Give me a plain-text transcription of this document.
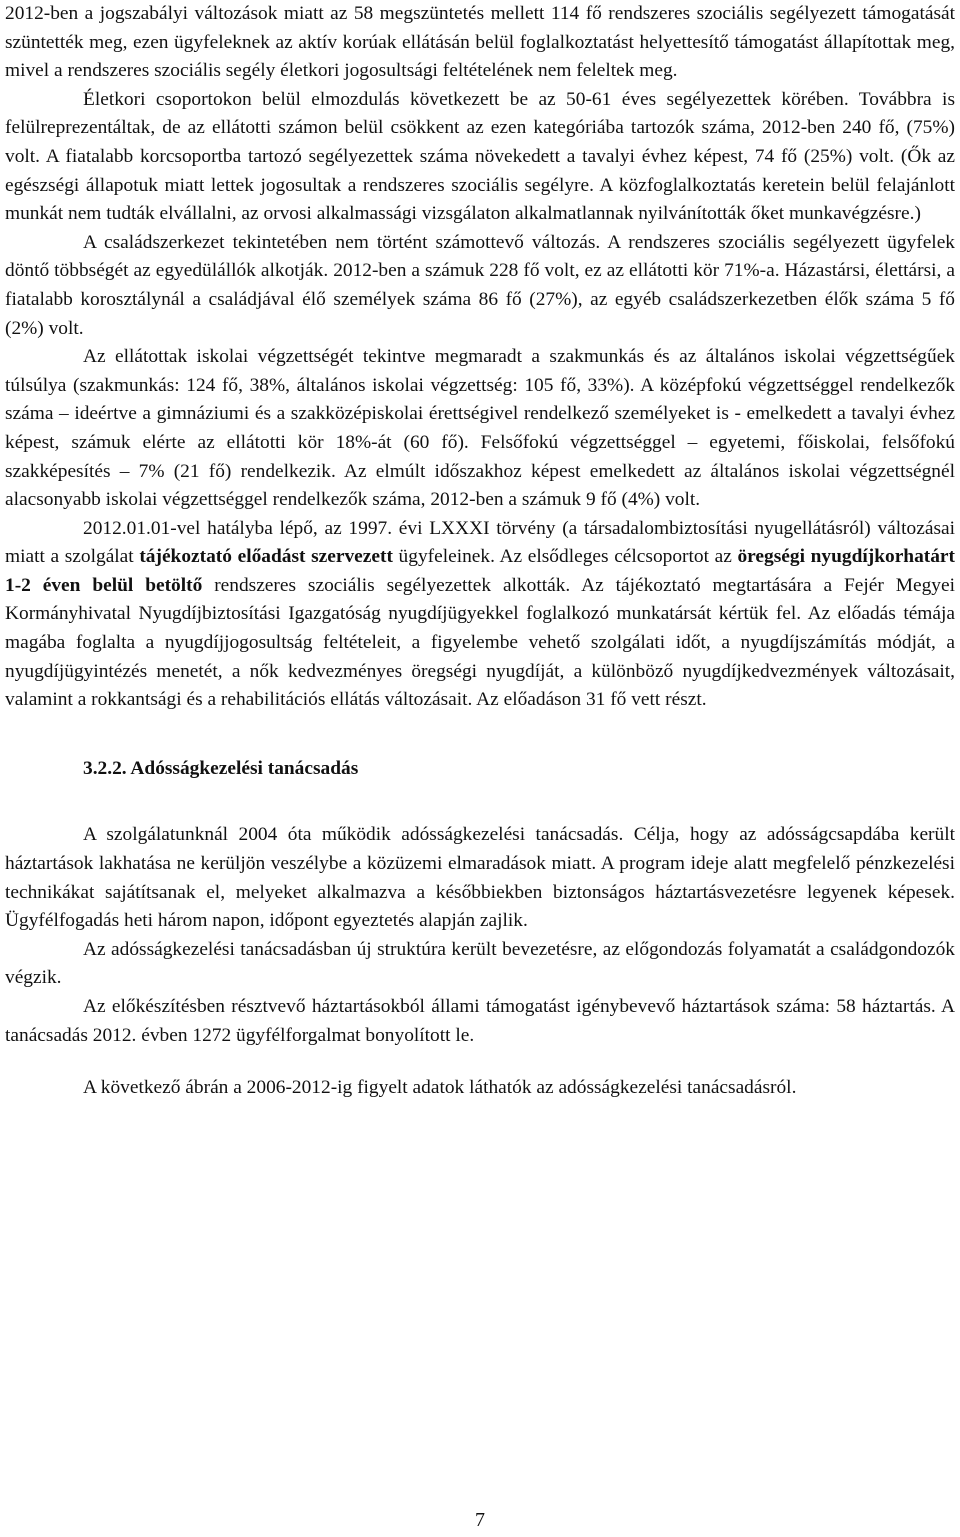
2012-ben a jogszabályi változások miatt az 58 megszüntetés mellett 114 fő rendszeres szociális segélyezett támogatását szüntették meg, ezen ügyfeleknek az aktív korúak ellátásán belül foglalkoztatást helyettesítő támogatást állapítottak meg, mivel a rendszeres szociális segély életkori jogosultsági feltételének nem feleltek meg.

Életkori csoportokon belül elmozdulás következett be az 50-61 éves segélyezettek körében. Továbbra is felülreprezentáltak, de az ellátotti számon belül csökkent az ezen kategóriába tartozók száma, 2012-ben 240 fő, (75%) volt. A fiatalabb korcsoportba tartozó segélyezettek száma növekedett a tavalyi évhez képest, 74 fő (25%) volt. (Ők az egészségi állapotuk miatt lettek jogosultak a rendszeres szociális segélyre. A közfoglalkoztatás keretein belül felajánlott munkát nem tudták elvállalni, az orvosi alkalmassági vizsgálaton alkalmatlannak nyilvánították őket munkavégzésre.)

A családszerkezet tekintetében nem történt számottevő változás. A rendszeres szociális segélyezett ügyfelek döntő többségét az egyedülállók alkotják. 2012-ben a számuk 228 fő volt, ez az ellátotti kör 71%-a. Házastársi, élettársi, a fiatalabb korosztálynál a családjával élő személyek száma 86 fő (27%), az egyéb családszerkezetben élők száma 5 fő (2%) volt.

Az ellátottak iskolai végzettségét tekintve megmaradt a szakmunkás és az általános iskolai végzettségűek túlsúlya (szakmunkás: 124 fő, 38%, általános iskolai végzettség: 105 fő, 33%). A középfokú végzettséggel rendelkezők száma – ideértve a gimnáziumi és a szakközépiskolai érettségivel rendelkező személyeket is - emelkedett a tavalyi évhez képest, számuk elérte az ellátotti kör 18%-át (60 fő). Felsőfokú végzettséggel – egyetemi, főiskolai, felsőfokú szakképesítés – 7% (21 fő) rendelkezik. Az elmúlt időszakhoz képest emelkedett az általános iskolai végzettségnél alacsonyabb iskolai végzettséggel rendelkezők száma, 2012-ben a számuk 9 fő (4%) volt.

2012.01.01-vel hatályba lépő, az 1997. évi LXXXI törvény (a társadalombiztosítási nyugellátásról) változásai miatt a szolgálat tájékoztató előadást szervezett ügyfeleinek. Az elsődleges célcsoportot az öregségi nyugdíjkorhatárt 1-2 éven belül betöltő rendszeres szociális segélyezettek alkották. Az tájékoztató megtartására a Fejér Megyei Kormányhivatal Nyugdíjbiztosítási Igazgatóság nyugdíjügyekkel foglalkozó munkatársát kértük fel. Az előadás témája magába foglalta a nyugdíjjogosultság feltételeit, a figyelembe vehető szolgálati időt, a nyugdíjszámítás módját, a nyugdíjügyintézés menetét, a nők kedvezményes öregségi nyugdíját, a különböző nyugdíjkedvezmények változásait, valamint a rokkantsági és a rehabilitációs ellátás változásait. Az előadáson 31 fő vett részt.

3.2.2. Adósságkezelési tanácsadás

A szolgálatunknál 2004 óta működik adósságkezelési tanácsadás. Célja, hogy az adósságcsapdába került háztartások lakhatása ne kerüljön veszélybe a közüzemi elmaradások miatt. A program ideje alatt megfelelő pénzkezelési technikákat sajátítsanak el, melyeket alkalmazva a későbbiekben biztonságos háztartásvezetésre legyenek képesek. Ügyfélfogadás heti három napon, időpont egyeztetés alapján zajlik.

Az adósságkezelési tanácsadásban új struktúra került bevezetésre, az előgondozás folyamatát a családgondozók végzik.

Az előkészítésben résztvevő háztartásokból állami támogatást igénybevevő háztartások száma: 58 háztartás. A tanácsadás 2012. évben 1272 ügyfélforgalmat bonyolított le.

A következő ábrán a 2006-2012-ig figyelt adatok láthatók az adósságkezelési tanácsadásról.

7
